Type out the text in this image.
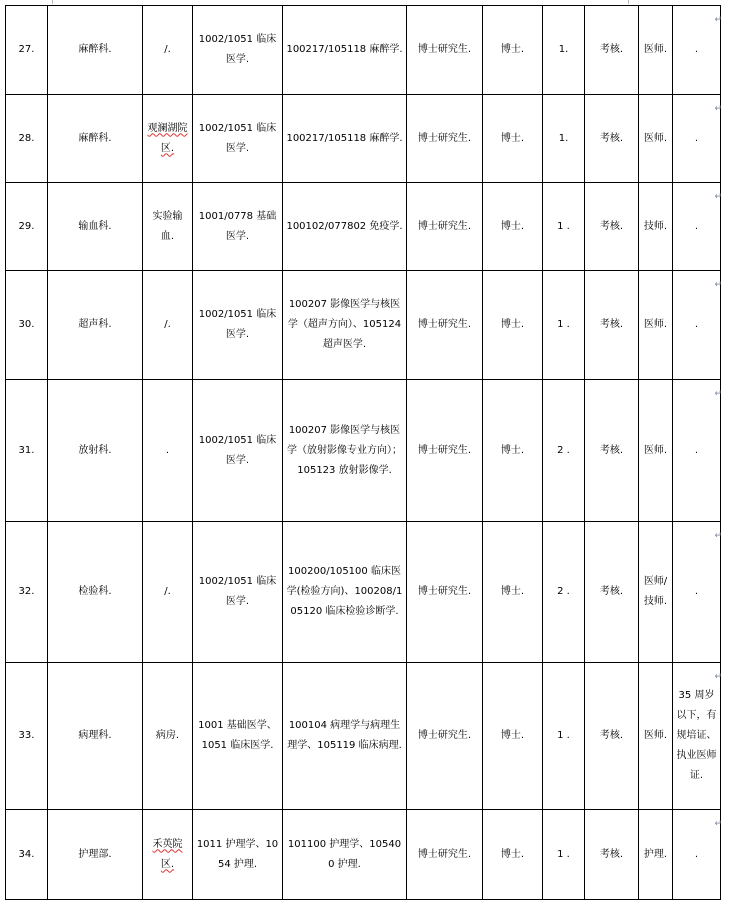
27.	麻醉科.	/.	1002/1051 临床医学.	100217/105118 麻醉学.	博士研究生.	博士.	1.	考核.	医师.	.
↵

28.	麻醉科.	观澜湖院区.	1002/1051 临床医学.	100217/105118 麻醉学.	博士研究生.	博士.	1.	考核.	医师.	.
↵

29.	输血科.	实验输血.	1001/0778 基础医学.	100102/077802 免疫学.	博士研究生.	博士.	1 .	考核.	技师.	.
↵

30.	超声科.	/.	1002/1051 临床医学.	100207 影像医学与核医学（超声方向）、105124 超声医学.	博士研究生.	博士.	1 .	考核.	医师.	.
↵

31.	放射科.	.	1002/1051 临床医学.	100207 影像医学与核医学（放射影像专业方向）；105123 放射影像学.	博士研究生.	博士.	2 .	考核.	医师.	.
↵

32.	检验科.	/.	1002/1051 临床医学.	100200/105100 临床医学(检验方向)、100208/105120 临床检验诊断学.	博士研究生.	博士.	2 .	考核.	医师/技师.	.
↵

33.	病理科.	病房.	1001 基础医学、1051 临床医学.	100104 病理学与病理生理学、105119 临床病理.	博士研究生.	博士.	1 .	考核.	医师.	35 周岁以下，有规培证、执业医师证.
↵

34.	护理部.	禾英院区.	1011 护理学、1054 护理.	101100 护理学、105400 护理.	博士研究生.	博士.	1 .	考核.	护理.	.
↵
